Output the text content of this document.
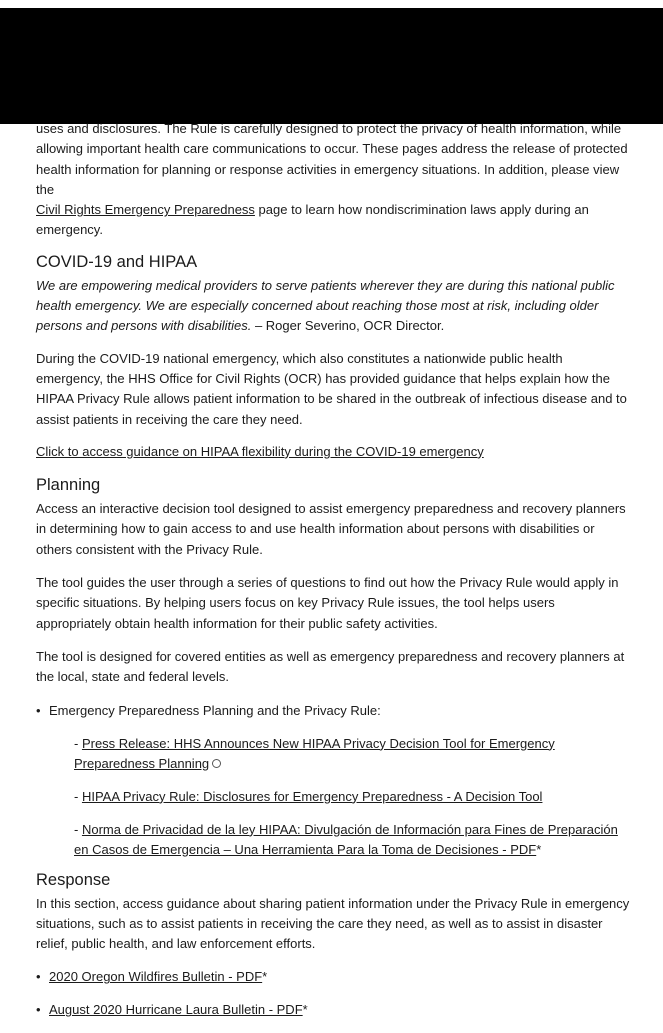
uses and disclosures. The Rule is carefully designed to protect the privacy of health information, while allowing important health care communications to occur. These pages address the release of protected health information for planning or response activities in emergency situations. In addition, please view the
Civil Rights Emergency Preparedness page to learn how nondiscrimination laws apply during an emergency.

COVID-19 and HIPAA

We are empowering medical providers to serve patients wherever they are during this national public health emergency. We are especially concerned about reaching those most at risk, including older persons and persons with disabilities. – Roger Severino, OCR Director.

During the COVID-19 national emergency, which also constitutes a nationwide public health emergency, the HHS Office for Civil Rights (OCR) has provided guidance that helps explain how the HIPAA Privacy Rule allows patient information to be shared in the outbreak of infectious disease and to assist patients in receiving the care they need.

Click to access guidance on HIPAA flexibility during the COVID-19 emergency

Planning

Access an interactive decision tool designed to assist emergency preparedness and recovery planners in determining how to gain access to and use health information about persons with disabilities or others consistent with the Privacy Rule.

The tool guides the user through a series of questions to find out how the Privacy Rule would apply in specific situations. By helping users focus on key Privacy Rule issues, the tool helps users appropriately obtain health information for their public safety activities.

The tool is designed for covered entities as well as emergency preparedness and recovery planners at the local, state and federal levels.

• Emergency Preparedness Planning and the Privacy Rule:
- Press Release: HHS Announces New HIPAA Privacy Decision Tool for Emergency Preparedness Planning
- HIPAA Privacy Rule: Disclosures for Emergency Preparedness - A Decision Tool
- Norma de Privacidad de la ley HIPAA: Divulgación de Información para Fines de Preparación en Casos de Emergencia – Una Herramienta Para la Toma de Decisiones - PDF*
Response

In this section, access guidance about sharing patient information under the Privacy Rule in emergency situations, such as to assist patients in receiving the care they need, as well as to assist in disaster relief, public health, and law enforcement efforts.

• 2020 Oregon Wildfires Bulletin - PDF*
• August 2020 Hurricane Laura Bulletin - PDF*
